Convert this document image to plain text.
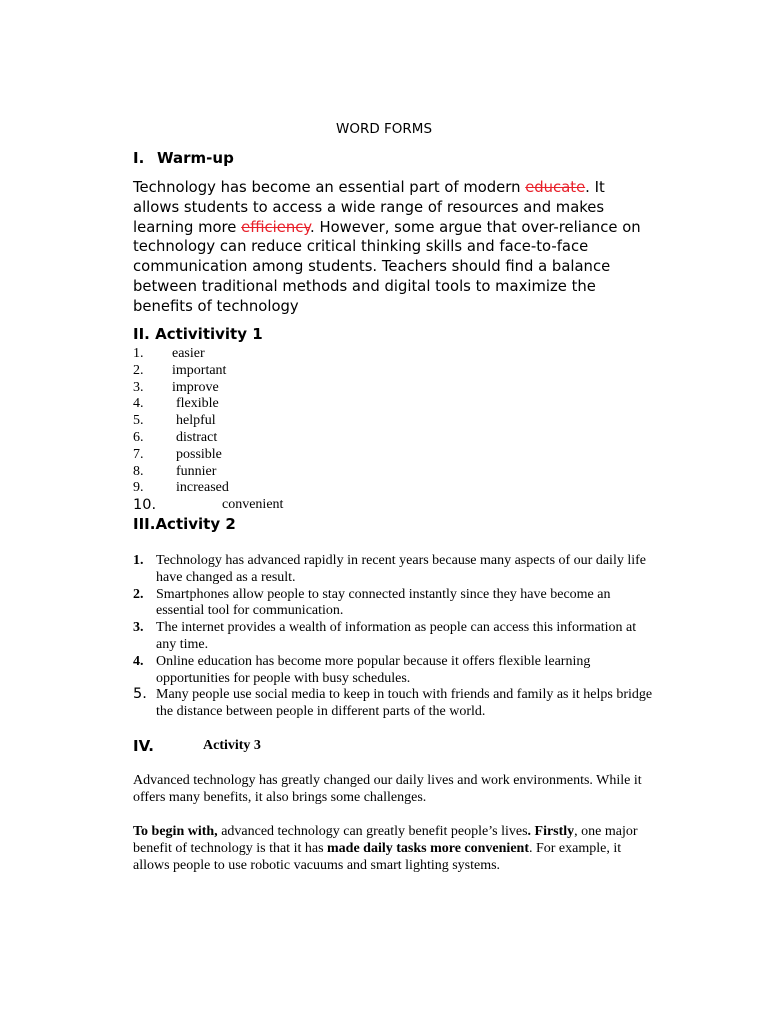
WORD FORMS
I. Warm-up
Technology has become an essential part of modern educate. It allows students to access a wide range of resources and makes learning more efficiency. However, some argue that over-reliance on technology can reduce critical thinking skills and face-to-face communication among students. Teachers should find a balance between traditional methods and digital tools to maximize the benefits of technology
II. Activitivity 1
1. easier
2. important
3. improve
4. flexible
5. helpful
6. distract
7. possible
8. funnier
9. increased
10.	convenient
III.Activity 2
1. Technology has advanced rapidly in recent years because many aspects of our daily life have changed as a result.
2. Smartphones allow people to stay connected instantly since they have become an essential tool for communication.
3. The internet provides a wealth of information as people can access this information at any time.
4. Online education has become more popular because it offers flexible learning opportunities for people with busy schedules.
5. Many people use social media to keep in touch with friends and family as it helps bridge the distance between people in different parts of the world.
IV.	Activity 3
Advanced technology has greatly changed our daily lives and work environments. While it offers many benefits, it also brings some challenges.
To begin with, advanced technology can greatly benefit people’s lives. Firstly, one major benefit of technology is that it has made daily tasks more convenient. For example, it allows people to use robotic vacuums and smart lighting systems.
